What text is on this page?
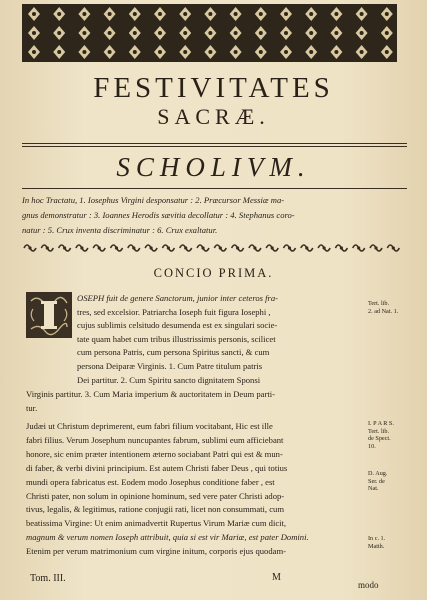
FESTIVITATES
SACRÆ.
SCHOLIVM.
In hoc Tractatu, 1. Iosephus Virgini desponsatur : 2. Præcursor Messiæ ma-
gnus demonstratur : 3. Ioannes Herodis sævitia decollatur : 4. Stephanus coro-
natur : 5. Crux inventa discriminatur : 6. Crux exaltatur.
CONCIO PRIMA.
OSEPH fuit de genere Sanctorum, junior inter ceteros fra-
tres, sed excelsior. Patriarcha Ioseph fuit figura Iosephi ,
cujus sublimis celsitudo desumenda est ex singulari socie-
tate quam habet cum tribus illustrissimis personis, scilicet
cum persona Patris, cum persona Spiritus sancti, & cum
persona Deiparæ Virginis. 1. Cum Patre titulum patris
Dei partitur. 2. Cum Spiritu sancto dignitatem Sponsi
Virginis partitur. 3. Cum Maria imperium & auctoritatem in Deum parti-
tur.
Judæi ut Christum deprimerent, eum fabri filium vocitabant, Hic est ille
fabri filius. Verum Josephum nuncupantes fabrum, sublimi eum afficiebant
honore, sic enim præter intentionem æterno sociabant Patri qui est & mun-
di faber, & verbi divini principium. Est autem Christi faber Deus , qui totius
mundi opera fabricatus est. Eodem modo Josephus conditione faber , est
Christi pater, non solum in opinione hominum, sed vere pater Christi adop-
tivus, legalis, & legitimus, ratione conjugii rati, licet non consummati, cum
beatissima Virgine: Ut enim animadvertit Rupertus Virum Mariæ cum dicit,
magnum & verum nomen Ioseph attribuit, quia si est vir Mariæ, est pater Domini.
Etenim per verum matrimonium cum virgine initum, corporis ejus quodam-
Tert. lib.
2. ad Nat. 1.
I. P A R S.
Tert. lib.
de Spect.
10.
D. Aug.
Ser. de
Nat.
In c. 1.
Matth.
Tom. III.	M
modo
